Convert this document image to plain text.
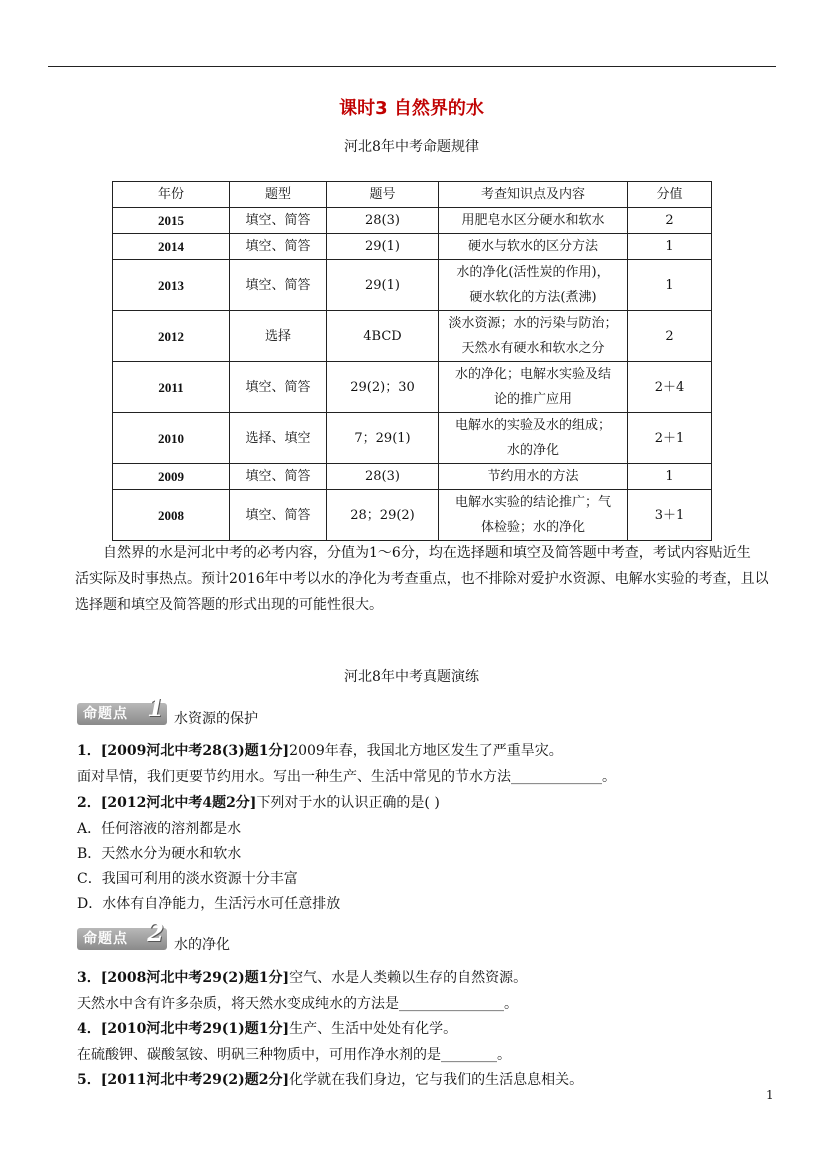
课时3 自然界的水
河北8年中考命题规律
年份	题型	题号	考查知识点及内容	分值
2015	填空、简答	28(3)	用肥皂水区分硬水和软水	2
2014	填空、简答	29(1)	硬水与软水的区分方法	1
2013	填空、简答	29(1)	水的净化(活性炭的作用)，
硬水软化的方法(煮沸)	1
2012	选择	4BCD	淡水资源；水的污染与防治；
天然水有硬水和软水之分	2
2011	填空、简答	29(2)；30	水的净化；电解水实验及结
论的推广应用	2＋4
2010	选择、填空	7；29(1)	电解水的实验及水的组成；
水的净化	2＋1
2009	填空、简答	28(3)	节约用水的方法	1
2008	填空、简答	28；29(2)	电解水实验的结论推广；气
体检验；水的净化	3＋1
自然界的水是河北中考的必考内容，分值为1～6分，均在选择题和填空及简答题中考查，考试内容贴近生
活实际及时事热点。预计2016年中考以水的净化为考查重点，也不排除对爱护水资源、电解水实验的考查，且以
选择题和填空及简答题的形式出现的可能性很大。
河北8年中考真题演练
命题点 1 水资源的保护
1．[2009河北中考28(3)题1分]2009年春，我国北方地区发生了严重旱灾。
面对旱情，我们更要节约用水。写出一种生产、生活中常见的节水方法_____________。
2．[2012河北中考4题2分]下列对于水的认识正确的是( )
A．任何溶液的溶剂都是水
B．天然水分为硬水和软水
C．我国可利用的淡水资源十分丰富
D．水体有自净能力，生活污水可任意排放
命题点 2 水的净化
3．[2008河北中考29(2)题1分]空气、水是人类赖以生存的自然资源。
天然水中含有许多杂质，将天然水变成纯水的方法是_______________。
4．[2010河北中考29(1)题1分]生产、生活中处处有化学。
在硫酸钾、碳酸氢铵、明矾三种物质中，可用作净水剂的是________。
5．[2011河北中考29(2)题2分]化学就在我们身边，它与我们的生活息息相关。
1
